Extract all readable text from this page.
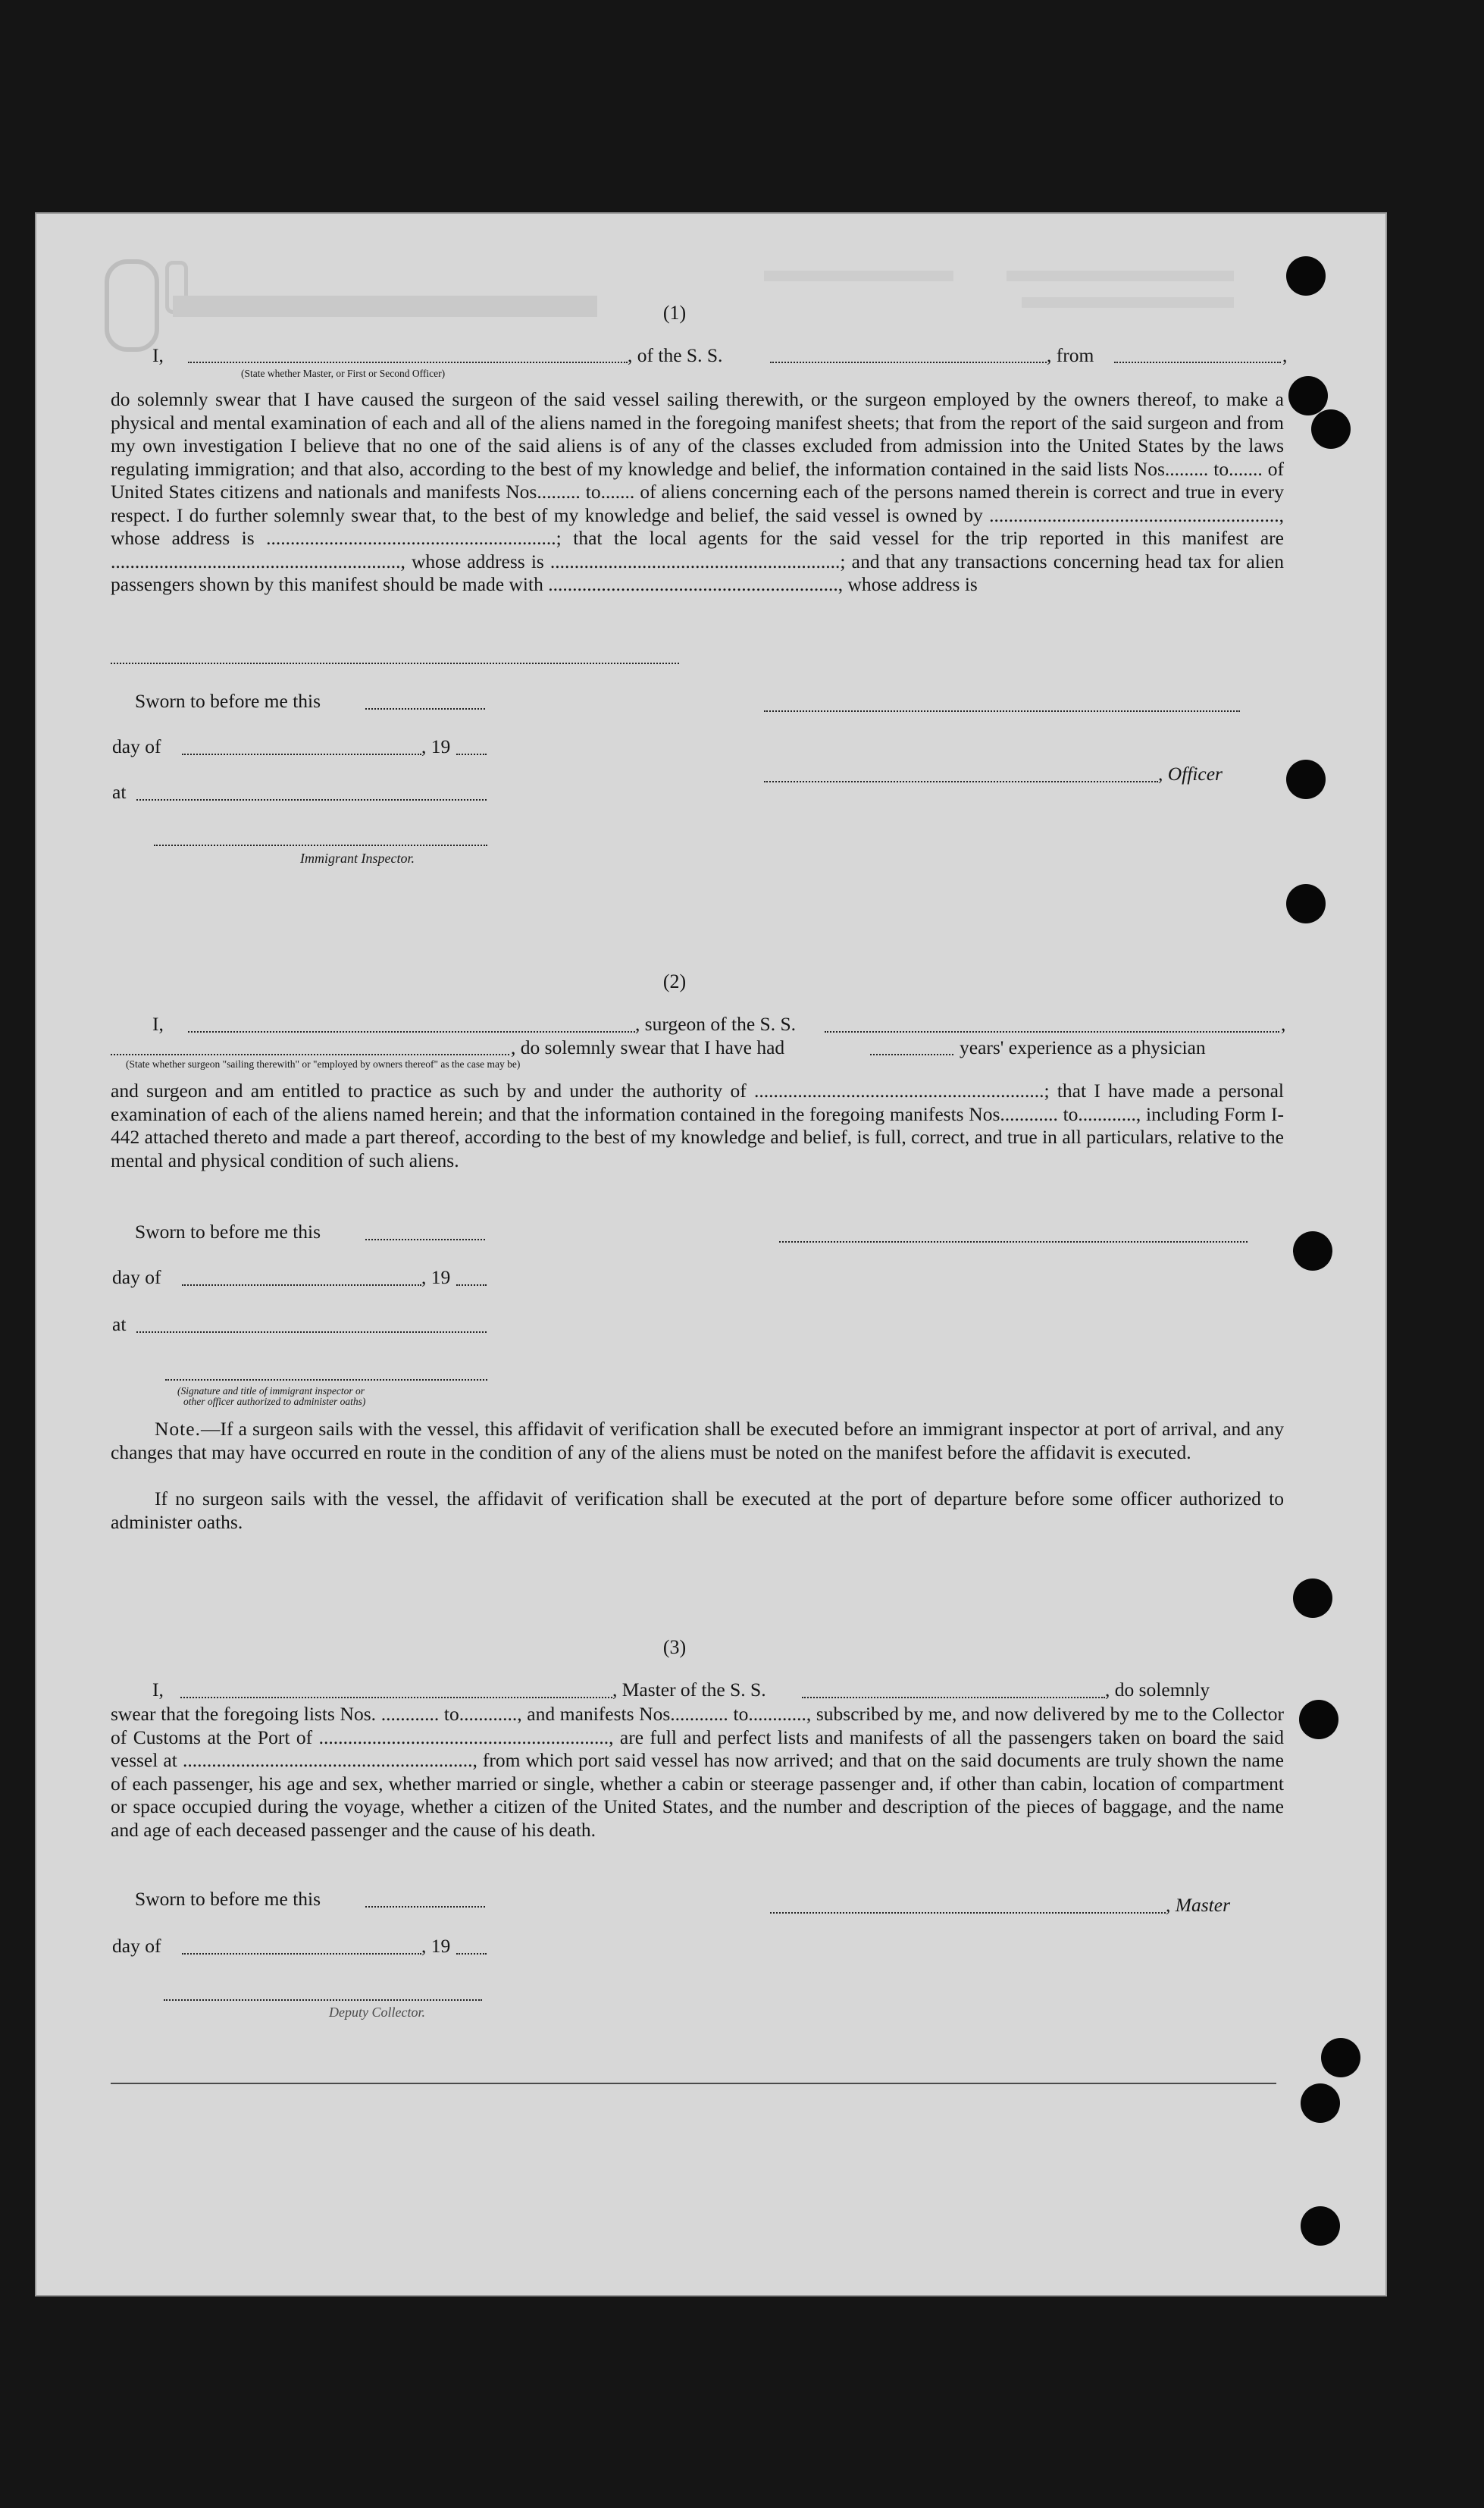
(1)
I,	, of the S. S.	, from	,
(State whether Master, or First or Second Officer)
do solemnly swear that I have caused the surgeon of the said vessel sailing therewith, or the surgeon employed by the owners thereof, to make a physical and mental examination of each and all of the aliens named in the foregoing manifest sheets; that from the report of the said surgeon and from my own investigation I believe that no one of the said aliens is of any of the classes excluded from admission into the United States by the laws regulating immigration; and that also, according to the best of my knowledge and belief, the information contained in the said lists Nos......... to....... of United States citizens and nationals and manifests Nos......... to....... of aliens concerning each of the persons named therein is correct and true in every respect. I do further solemnly swear that, to the best of my knowledge and belief, the said vessel is owned by ............................................................, whose address is ............................................................; that the local agents for the said vessel for the trip reported in this manifest are ............................................................, whose address is ............................................................; and that any transactions concerning head tax for alien passengers shown by this manifest should be made with ............................................................, whose address is
Sworn to before me this
day of	, 19
, Officer
at
Immigrant Inspector.
(2)
I,	, surgeon of the S. S.	,
, do solemnly swear that I have had	years' experience as a physician
(State whether surgeon "sailing therewith" or "employed by owners thereof" as the case may be)
and surgeon and am entitled to practice as such by and under the authority of ............................................................; that I have made a personal examination of each of the aliens named herein; and that the information contained in the foregoing manifests Nos............ to............, including Form I-442 attached thereto and made a part thereof, according to the best of my knowledge and belief, is full, correct, and true in all particulars, relative to the mental and physical condition of such aliens.
Sworn to before me this
day of	, 19
at
(Signature and title of immigrant inspector or
other officer authorized to administer oaths)
Note.—If a surgeon sails with the vessel, this affidavit of verification shall be executed before an immigrant inspector at port of arrival, and any changes that may have occurred en route in the condition of any of the aliens must be noted on the manifest before the affidavit is executed.
If no surgeon sails with the vessel, the affidavit of verification shall be executed at the port of departure before some officer authorized to administer oaths.
(3)
I,	, Master of the S. S.	, do solemnly
swear that the foregoing lists Nos. ............ to............, and manifests Nos............ to............, subscribed by me, and now delivered by me to the Collector of Customs at the Port of ............................................................, are full and perfect lists and manifests of all the passengers taken on board the said vessel at ............................................................, from which port said vessel has now arrived; and that on the said documents are truly shown the name of each passenger, his age and sex, whether married or single, whether a cabin or steerage passenger and, if other than cabin, location of compartment or space occupied during the voyage, whether a citizen of the United States, and the number and description of the pieces of baggage, and the name and age of each deceased passenger and the cause of his death.
Sworn to before me this	, Master
day of	, 19
Deputy Collector.
